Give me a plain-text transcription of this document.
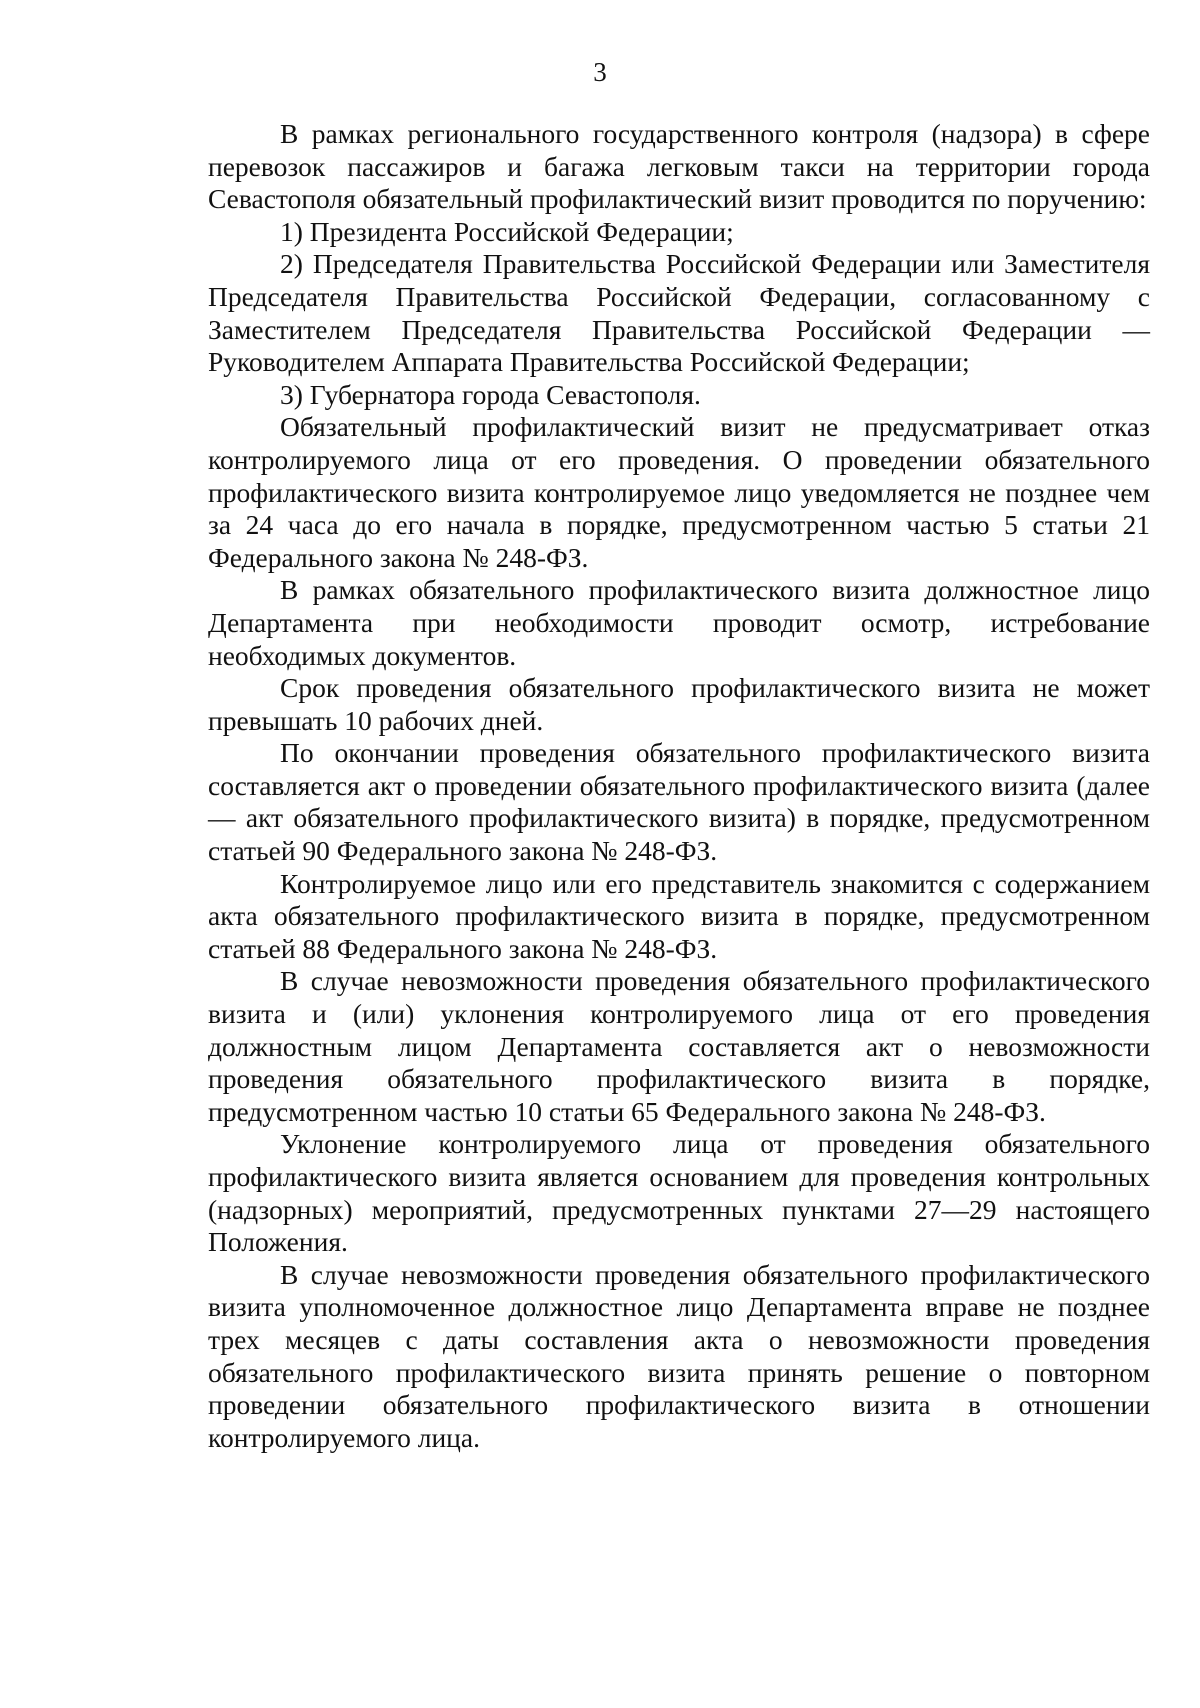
3

В рамках регионального государственного контроля (надзора) в сфере перевозок пассажиров и багажа легковым такси на территории города Севастополя обязательный профилактический визит проводится по поручению:

1) Президента Российской Федерации;

2) Председателя Правительства Российской Федерации или Заместителя Председателя Правительства Российской Федерации, согласованному с Заместителем Председателя Правительства Российской Федерации — Руководителем Аппарата Правительства Российской Федерации;

3) Губернатора города Севастополя.

Обязательный профилактический визит не предусматривает отказ контролируемого лица от его проведения. О проведении обязательного профилактического визита контролируемое лицо уведомляется не позднее чем за 24 часа до его начала в порядке, предусмотренном частью 5 статьи 21 Федерального закона № 248-ФЗ.

В рамках обязательного профилактического визита должностное лицо Департамента при необходимости проводит осмотр, истребование необходимых документов.

Срок проведения обязательного профилактического визита не может превышать 10 рабочих дней.

По окончании проведения обязательного профилактического визита составляется акт о проведении обязательного профилактического визита (далее — акт обязательного профилактического визита) в порядке, предусмотренном статьей 90 Федерального закона № 248-ФЗ.

Контролируемое лицо или его представитель знакомится с содержанием акта обязательного профилактического визита в порядке, предусмотренном статьей 88 Федерального закона № 248-ФЗ.

В случае невозможности проведения обязательного профилактического визита и (или) уклонения контролируемого лица от его проведения должностным лицом Департамента составляется акт о невозможности проведения обязательного профилактического визита в порядке, предусмотренном частью 10 статьи 65 Федерального закона № 248-ФЗ.

Уклонение контролируемого лица от проведения обязательного профилактического визита является основанием для проведения контрольных (надзорных) мероприятий, предусмотренных пунктами 27—29 настоящего Положения.

В случае невозможности проведения обязательного профилактического визита уполномоченное должностное лицо Департамента вправе не позднее трех месяцев с даты составления акта о невозможности проведения обязательного профилактического визита принять решение о повторном проведении обязательного профилактического визита в отношении контролируемого лица.
